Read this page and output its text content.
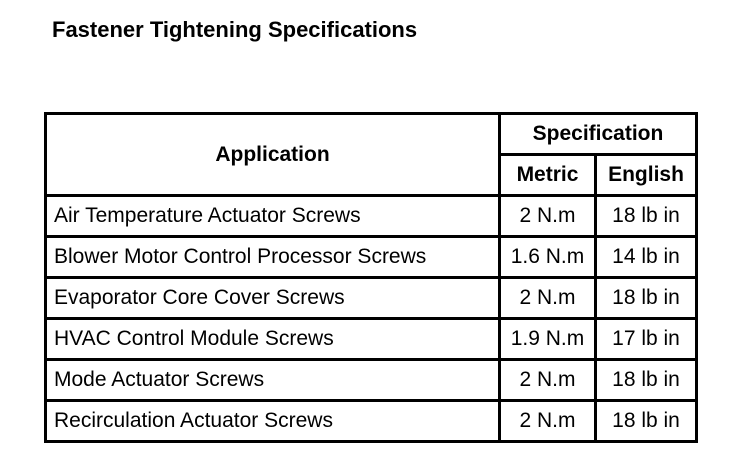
Fastener Tightening Specifications
Application	Specification	
	Metric	English
Air Temperature Actuator Screws	2 N.m	18 lb in
Blower Motor Control Processor Screws	1.6 N.m	14 lb in
Evaporator Core Cover Screws	2 N.m	18 lb in
HVAC Control Module Screws	1.9 N.m	17 lb in
Mode Actuator Screws	2 N.m	18 lb in
Recirculation Actuator Screws	2 N.m	18 lb in
